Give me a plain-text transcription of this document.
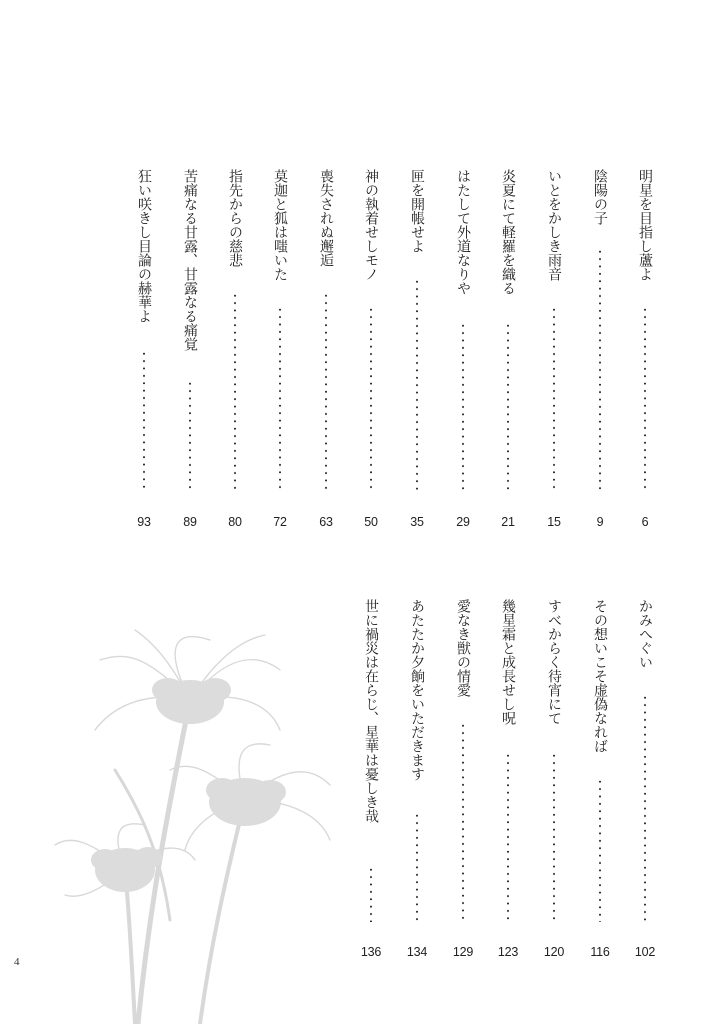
明星を目指し蘆よ
6
陰陽の子
9
いとをかしき雨音
15
炎夏にて軽羅を織る
21
はたして外道なりや
29
匣を開帳せよ
35
神の執着せしモノ
50
喪失されぬ邂逅
63
莫迦と狐は嗤いた
72
指先からの慈悲
80
苦痛なる甘露、甘露なる痛覚
89
狂い咲きし目論の赫華よ
93
かみへぐい
102
その想いこそ虚偽なれば
116
すべからく待宵にて
120
幾星霜と成長せし呪
123
愛なき獣の情愛
129
あたたか夕餉をいただきます
134
世に禍災は在らじ、星華は憂しき哉
136
4
